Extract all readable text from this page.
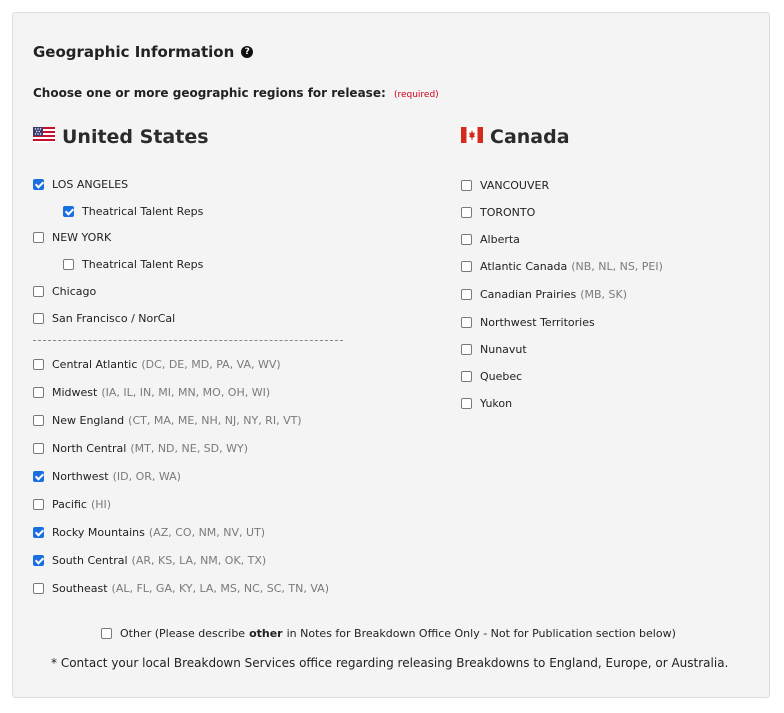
Geographic Information	?
Choose one or more geographic regions for release: (required)
United States
LOS ANGELES
Theatrical Talent Reps
NEW YORK
Theatrical Talent Reps
Chicago
San Francisco / NorCal
Central Atlantic (DC, DE, MD, PA, VA, WV)
Midwest (IA, IL, IN, MI, MN, MO, OH, WI)
New England (CT, MA, ME, NH, NJ, NY, RI, VT)
North Central (MT, ND, NE, SD, WY)
Northwest (ID, OR, WA)
Pacific (HI)
Rocky Mountains (AZ, CO, NM, NV, UT)
South Central (AR, KS, LA, NM, OK, TX)
Southeast (AL, FL, GA, KY, LA, MS, NC, SC, TN, VA)
Canada
VANCOUVER
TORONTO
Alberta
Atlantic Canada (NB, NL, NS, PEI)
Canadian Prairies (MB, SK)
Northwest Territories
Nunavut
Quebec
Yukon
Other (Please describe other in Notes for Breakdown Office Only - Not for Publication section below)
* Contact your local Breakdown Services office regarding releasing Breakdowns to England, Europe, or Australia.
